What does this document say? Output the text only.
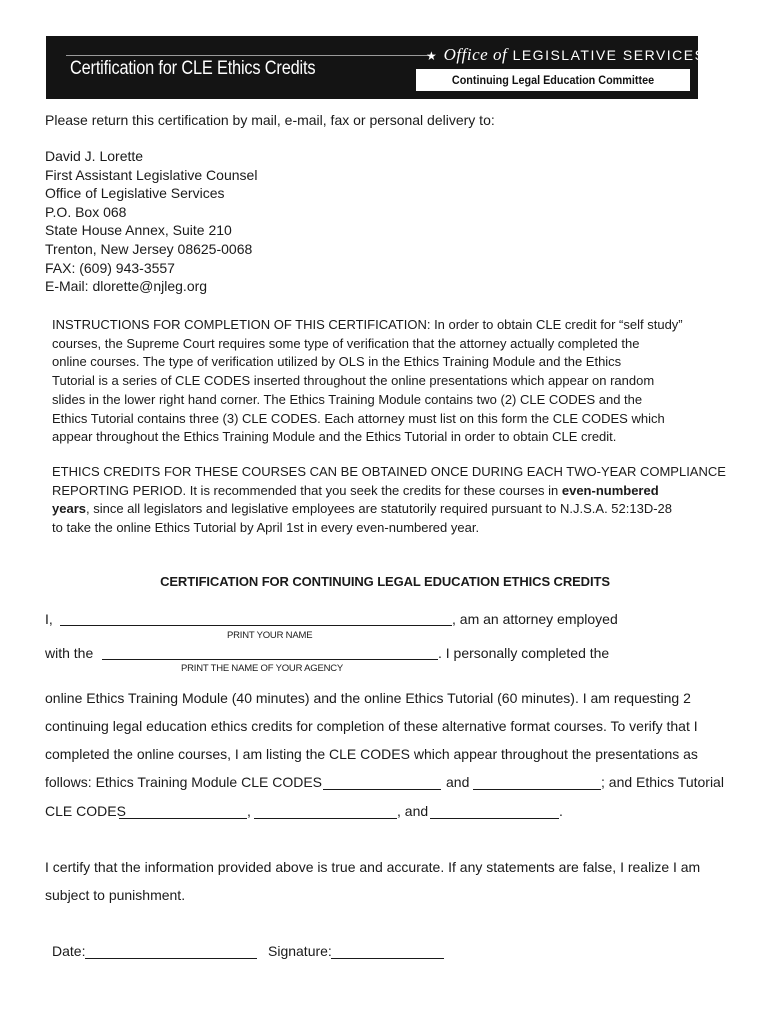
Certification for CLE Ethics Credits
★ Office of LEGISLATIVE SERVICES ★
Continuing Legal Education Committee
Please return this certification by mail, e-mail, fax or personal delivery to:
David J. Lorette
First Assistant Legislative Counsel
Office of Legislative Services
P.O. Box 068
State House Annex, Suite 210
Trenton, New Jersey 08625-0068
FAX: (609) 943-3557
E-Mail: dlorette@njleg.org
INSTRUCTIONS FOR COMPLETION OF THIS CERTIFICATION: In order to obtain CLE credit for “self study”
courses, the Supreme Court requires some type of verification that the attorney actually completed the
online courses. The type of verification utilized by OLS in the Ethics Training Module and the Ethics
Tutorial is a series of CLE CODES inserted throughout the online presentations which appear on random
slides in the lower right hand corner. The Ethics Training Module contains two (2) CLE CODES and the
Ethics Tutorial contains three (3) CLE CODES. Each attorney must list on this form the CLE CODES which
appear throughout the Ethics Training Module and the Ethics Tutorial in order to obtain CLE credit.
ETHICS CREDITS FOR THESE COURSES CAN BE OBTAINED ONCE DURING EACH TWO-YEAR COMPLIANCE
REPORTING PERIOD. It is recommended that you seek the credits for these courses in even-numbered
years, since all legislators and legislative employees are statutorily required pursuant to N.J.S.A. 52:13D-28
to take the online Ethics Tutorial by April 1st in every even-numbered year.
CERTIFICATION FOR CONTINUING LEGAL EDUCATION ETHICS CREDITS
I,	, am an attorney employed
PRINT YOUR NAME
with the	. I personally completed the
PRINT THE NAME OF YOUR AGENCY
online Ethics Training Module (40 minutes) and the online Ethics Tutorial (60 minutes). I am requesting 2
continuing legal education ethics credits for completion of these alternative format courses. To verify that I
completed the online courses, I am listing the CLE CODES which appear throughout the presentations as
follows: Ethics Training Module CLE CODES	and	; and Ethics Tutorial
CLE CODES	,	, and	.
I certify that the information provided above is true and accurate. If any statements are false, I realize I am
subject to punishment.
Date:	Signature:
